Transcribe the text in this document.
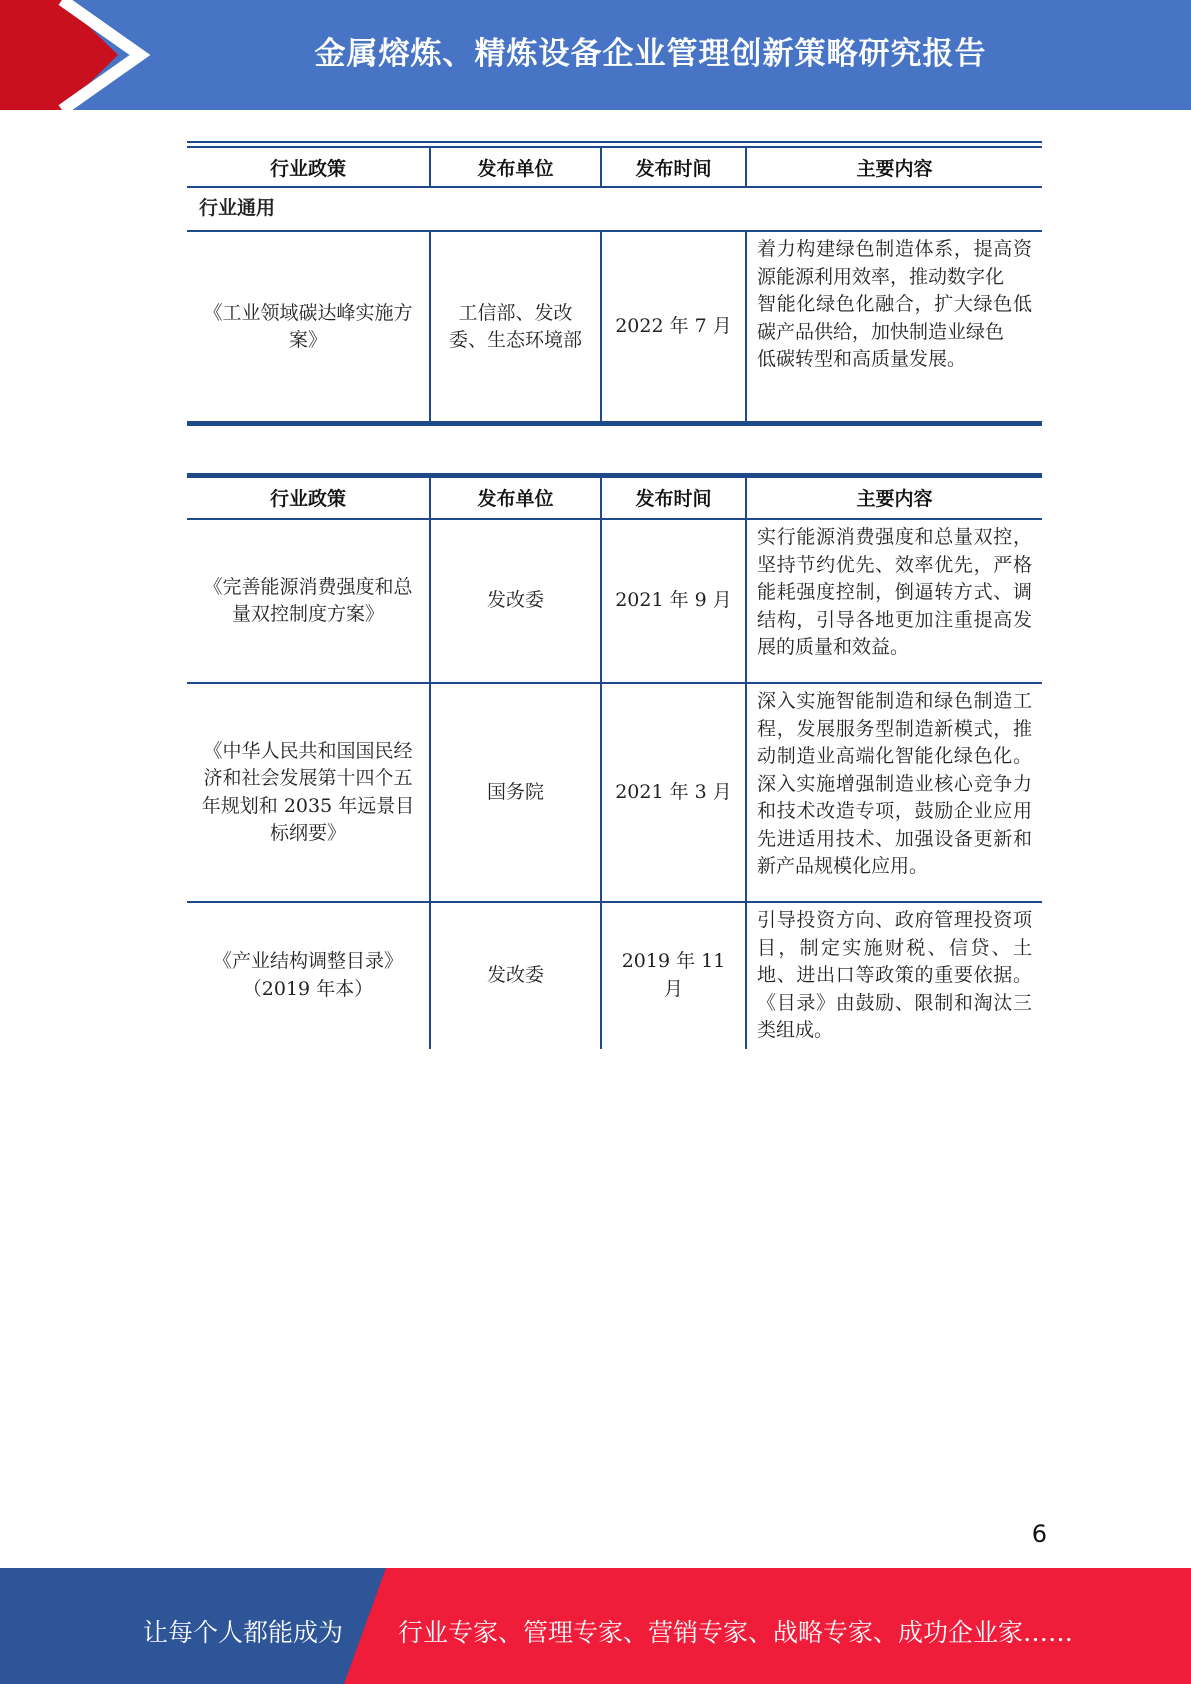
金属熔炼、精炼设备企业管理创新策略研究报告
行业政策	发布单位	发布时间	主要内容
行业通用			
《工业领域碳达峰实施方案》	工信部、发改委、生态环境部	2022 年 7 月	着力构建绿色制造体系，提高资源能源利用效率，推动数字化
智能化绿色化融合，扩大绿色低碳产品供给，加快制造业绿色
低碳转型和高质量发展。
行业政策	发布单位	发布时间	主要内容
《完善能源消费强度和总量双控制度方案》	发改委	2021 年 9 月	实行能源消费强度和总量双控，坚持节约优先、效率优先，严格能耗强度控制，倒逼转方式、调结构，引导各地更加注重提高发展的质量和效益。
《中华人民共和国国民经济和社会发展第十四个五年规划和 2035 年远景目标纲要》	国务院	2021 年 3 月	深入实施智能制造和绿色制造工程，发展服务型制造新模式，推动制造业高端化智能化绿色化。深入实施增强制造业核心竞争力和技术改造专项，鼓励企业应用先进适用技术、加强设备更新和新产品规模化应用。
《产业结构调整目录》（2019 年本）	发改委	2019 年 11 月	引导投资方向、政府管理投资项目，制定实施财税、信贷、土地、进出口等政策的重要依据。《目录》由鼓励、限制和淘汰三类组成。

6
让每个人都能成为 行业专家、管理专家、营销专家、战略专家、成功企业家……
